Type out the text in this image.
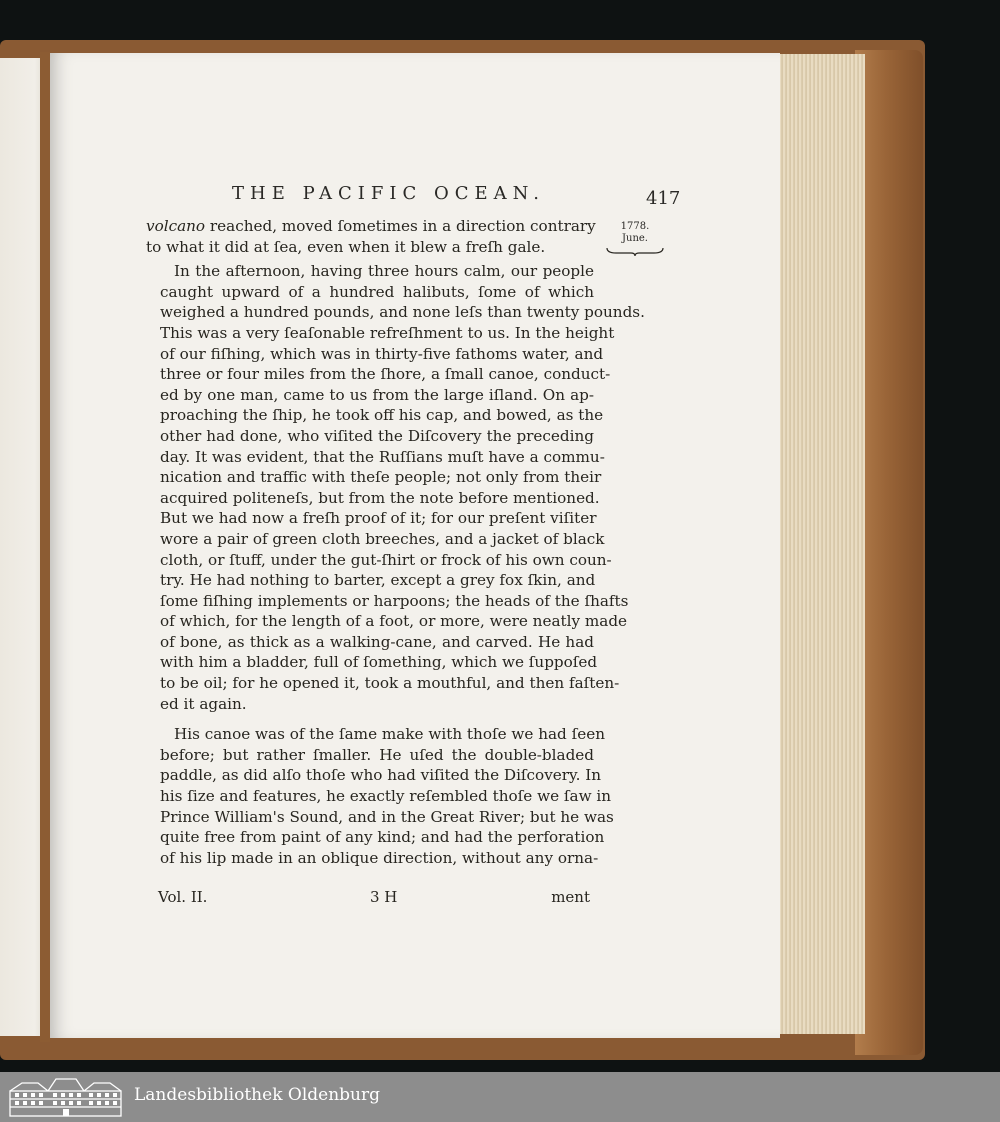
THE PACIFIC OCEAN.	417
1778.
June.
volcano reached, moved ſometimes in a direction contrary
to what it did at ſea, even when it blew a freſh gale.
In the afternoon, having three hours calm, our people
caught upward of a hundred halibuts, ſome of which
weighed a hundred pounds, and none leſs than twenty pounds.
This was a very ſeaſonable refreſhment to us. In the height
of our fiſhing, which was in thirty-five fathoms water, and
three or four miles from the ſhore, a ſmall canoe, conduct-
ed by one man, came to us from the large iſland. On ap-
proaching the ſhip, he took off his cap, and bowed, as the
other had done, who viſited the Diſcovery the preceding
day. It was evident, that the Ruſſians muſt have a commu-
nication and traffic with theſe people; not only from their
acquired politeneſs, but from the note before mentioned.
But we had now a freſh proof of it; for our preſent viſiter
wore a pair of green cloth breeches, and a jacket of black
cloth, or ſtuff, under the gut-ſhirt or frock of his own coun-
try. He had nothing to barter, except a grey fox ſkin, and
ſome fiſhing implements or harpoons; the heads of the ſhafts
of which, for the length of a foot, or more, were neatly made
of bone, as thick as a walking-cane, and carved. He had
with him a bladder, full of ſomething, which we ſuppoſed
to be oil; for he opened it, took a mouthful, and then faſten-
ed it again.
His canoe was of the ſame make with thoſe we had ſeen
before; but rather ſmaller. He uſed the double-bladed
paddle, as did alſo thoſe who had viſited the Diſcovery. In
his ſize and features, he exactly reſembled thoſe we ſaw in
Prince William's Sound, and in the Great River; but he was
quite free from paint of any kind; and had the perforation
of his lip made in an oblique direction, without any orna-
Vol. II.	3 H	ment
Landesbibliothek Oldenburg
